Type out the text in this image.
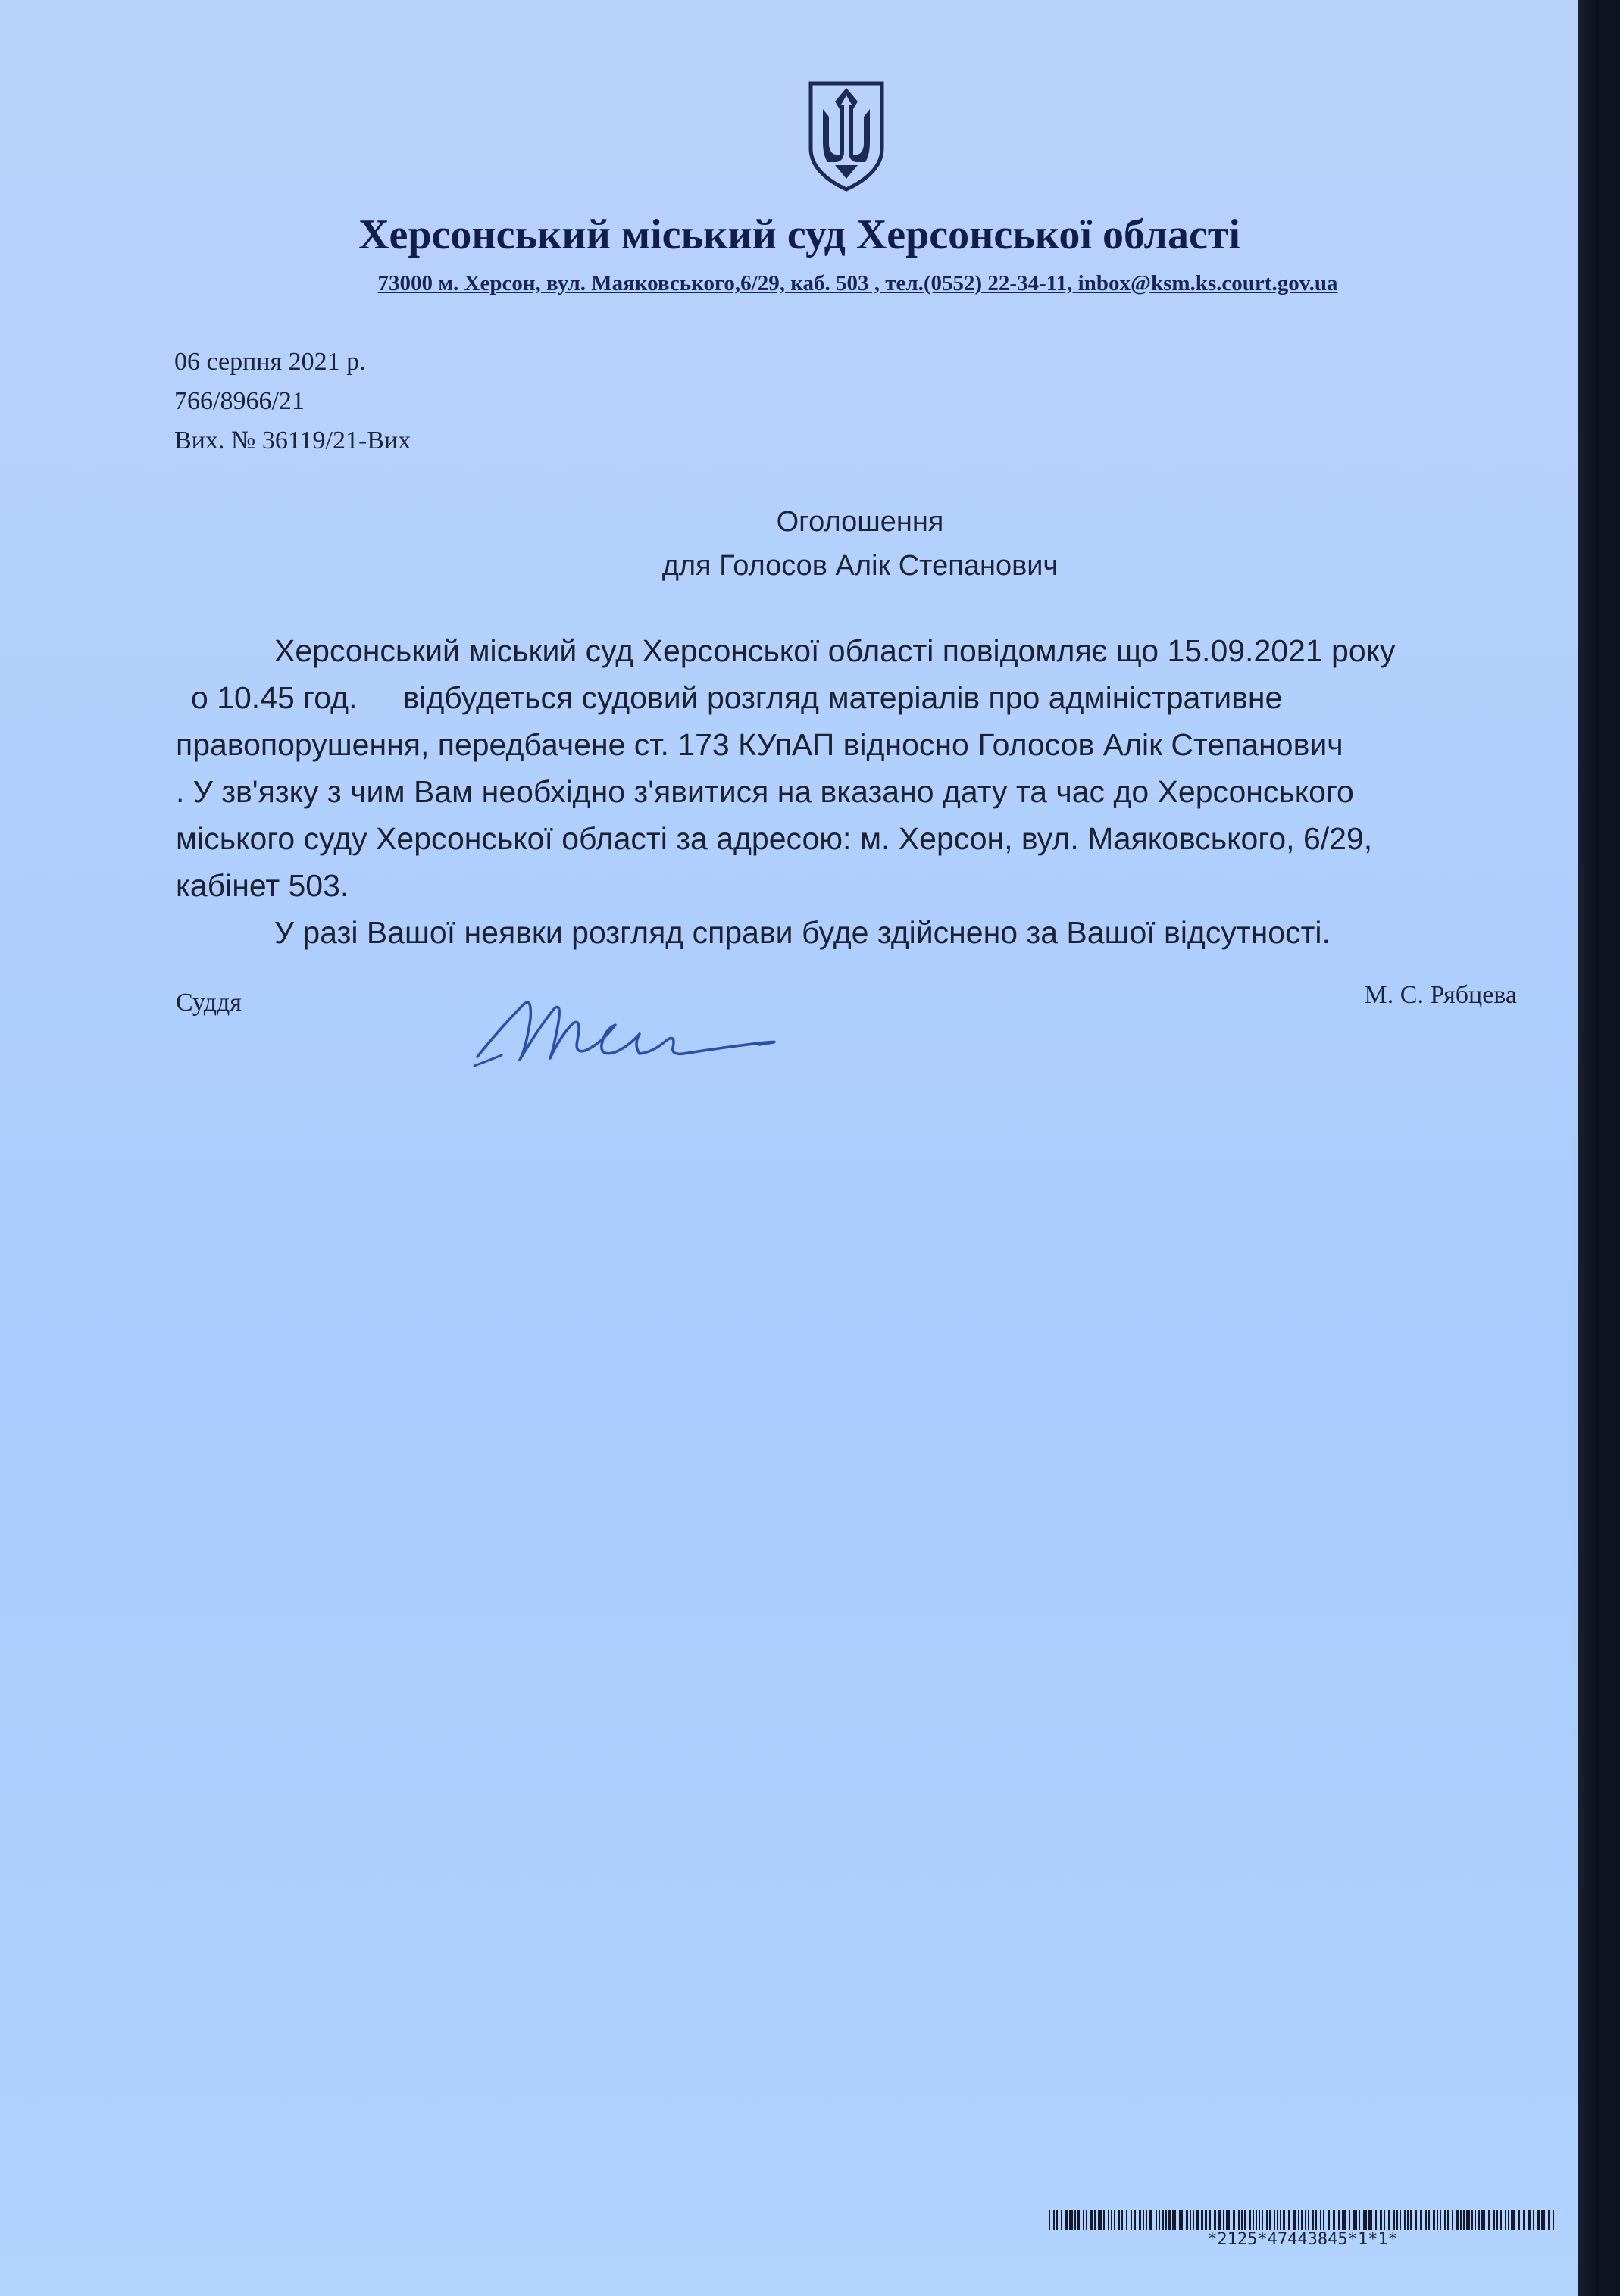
Херсонський міський суд Херсонської області
73000 м. Херсон, вул. Маяковського,6/29, каб. 503 , тел.(0552) 22-34-11, inbox@ksm.ks.court.gov.ua
06 серпня 2021 р.
766/8966/21
Вих. № 36119/21-Вих
Оголошення
для Голосов Алік Степанович
Херсонський міський суд Херсонської області повідомляє що 15.09.2021 року
о 10.45 год. відбудеться судовий розгляд матеріалів про адміністративне
правопорушення, передбачене ст. 173 КУпАП відносно Голосов Алік Степанович
. У зв'язку з чим Вам необхідно з'явитися на вказано дату та час до Херсонського
міського суду Херсонської області за адресою: м. Херсон, вул. Маяковського, 6/29,
кабінет 503.
У разі Вашої неявки розгляд справи буде здійснено за Вашої відсутності.
Суддя	М. С. Рябцева
*2125*47443845*1*1*
